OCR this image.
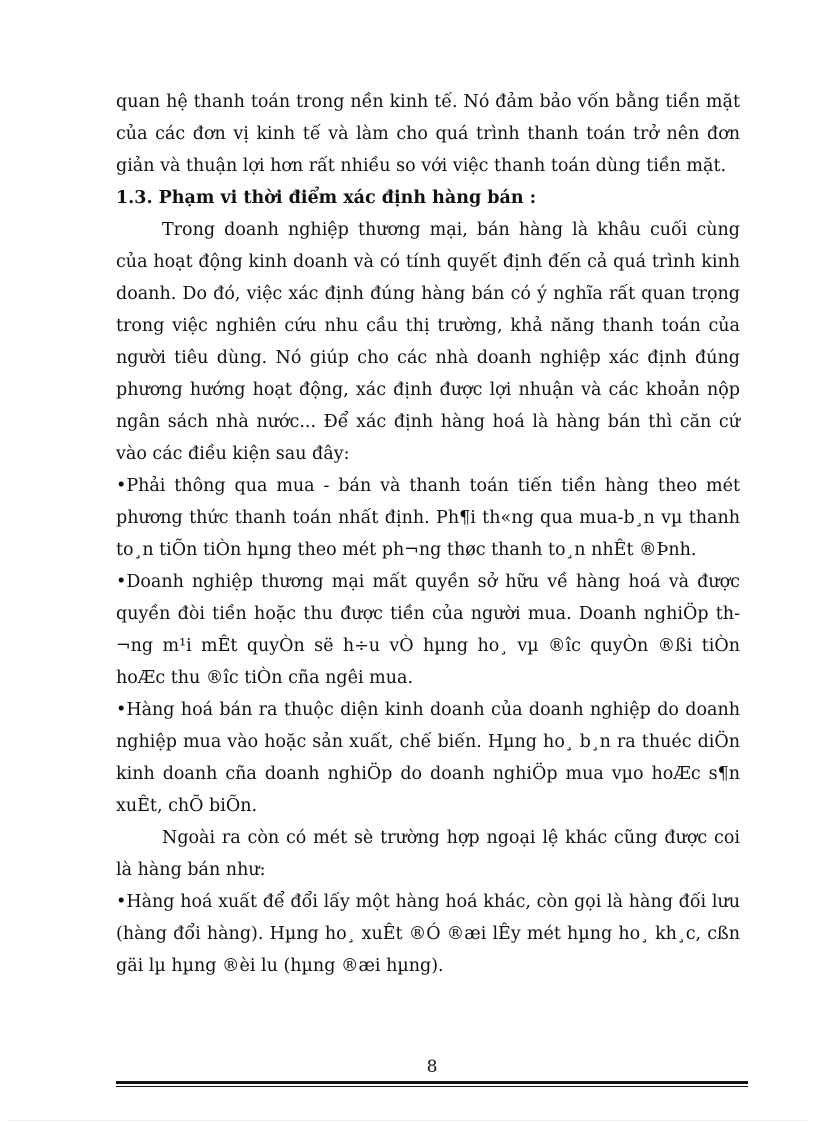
quan hệ thanh toán trong nền kinh tế. Nó đảm bảo vốn bằng tiền mặt của các đơn vị kinh tế và làm cho quá trình thanh toán trở nên đơn giản và thuận lợi hơn rất nhiều so với việc thanh toán dùng tiền mặt.

1.3. Phạm vi thời điểm xác định hàng bán :

Trong doanh nghiệp thương mại, bán hàng là khâu cuối cùng của hoạt động kinh doanh và có tính quyết định đến cả quá trình kinh doanh. Do đó, việc xác định đúng hàng bán có ý nghĩa rất quan trọng trong việc nghiên cứu nhu cầu thị trường, khả năng thanh toán của người tiêu dùng. Nó giúp cho các nhà doanh nghiệp xác định đúng phương hướng hoạt động, xác định được lợi nhuận và các khoản nộp ngân sách nhà nước... Để xác định hàng hoá là hàng bán thì căn cứ vào các điều kiện sau đây:

•Phải thông qua mua - bán và thanh toán tiến tiền hàng theo mét phương thức thanh toán nhất định. Ph¶i th«ng qua mua-b¸n vµ thanh to¸n tiÕn tiÒn hµng theo mét ph¬ng thøc thanh to¸n nhÊt ®Þnh.

•Doanh nghiệp thương mại mất quyền sở hữu về hàng hoá và được quyền đòi tiền hoặc thu được tiền của người mua. Doanh nghiÖp th¬ng m¹i mÊt quyÒn së h÷u vÒ hµng ho¸ vµ ®îc quyÒn ®ßi tiÒn hoÆc thu ®îc tiÒn cña ngêi mua.

•Hàng hoá bán ra thuộc diện kinh doanh của doanh nghiệp do doanh nghiệp mua vào hoặc sản xuất, chế biến. Hµng ho¸ b¸n ra thuéc diÖn kinh doanh cña doanh nghiÖp do doanh nghiÖp mua vµo hoÆc s¶n xuÊt, chÕ biÕn.

Ngoài ra còn có mét sè trường hợp ngoại lệ khác cũng được coi là hàng bán như:

•Hàng hoá xuất để đổi lấy một hàng hoá khác, còn gọi là hàng đối lưu (hàng đổi hàng). Hµng ho¸ xuÊt ®Ó ®æi lÊy mét hµng ho¸ kh¸c, cßn gäi lµ hµng ®èi lu (hµng ®æi hµng).

8
